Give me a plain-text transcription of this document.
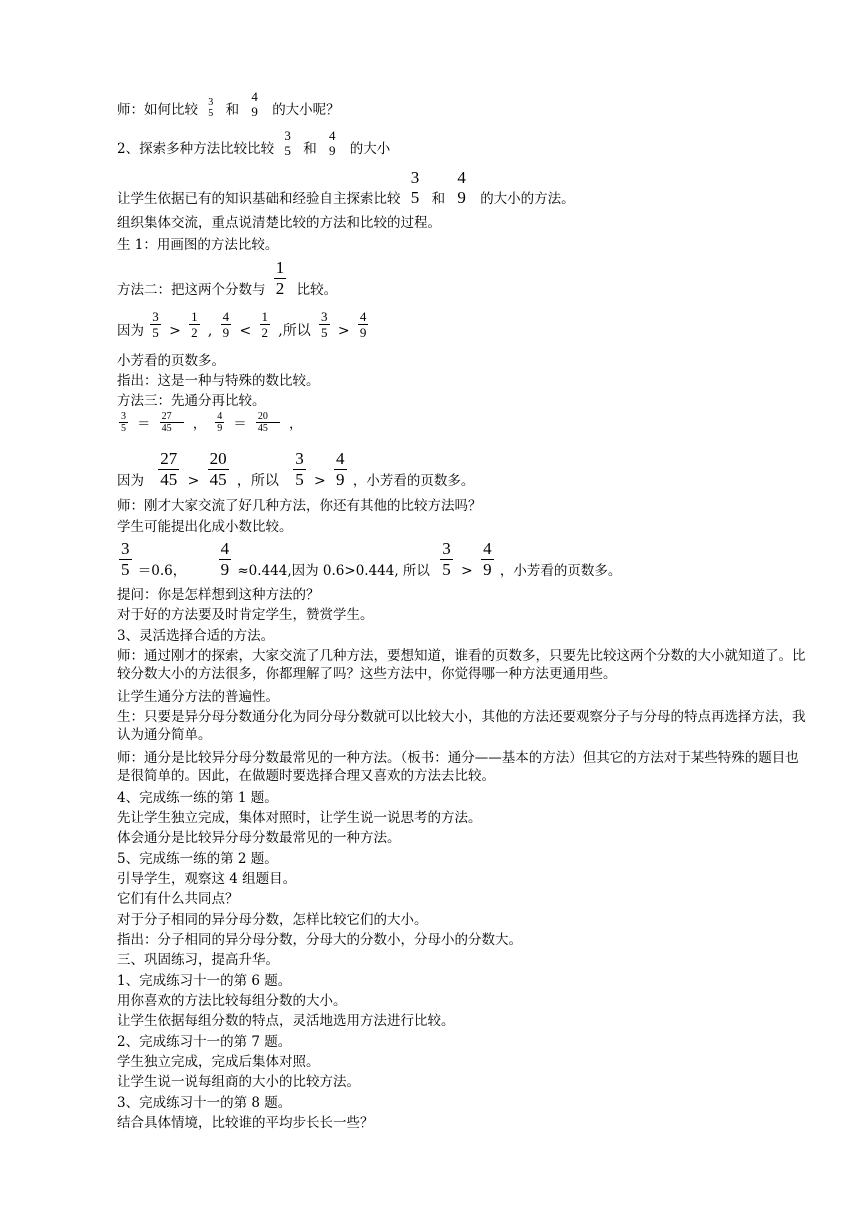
师：如何比较 3
5 和
4
9 的大小呢？
2、探索多种方法比较比较
3
5 和
4
9 的大小
让学生依据已有的知识基础和经验自主探索比较
3
5 和
4
9 的大小的方法。
组织集体交流，重点说清楚比较的方法和比较的过程。
生 1：用画图的方法比较。
方法二：把这两个分数与 $\frac{1}{2}$ 比较。
因为 $\frac{3}{5} > \frac{1}{2}$ , $\frac{4}{9} < \frac{1}{2}$ ,所以 $\frac{3}{5} > \frac{4}{9}$
小芳看的页数多。
指出：这是一种与特殊的数比较。
方法三：先通分再比较。
$\frac{3}{5} = \frac{27}{45}$ ， $\frac{4}{9} = \frac{20}{45}$ ，
因为 $\frac{27}{45} > \frac{20}{45}$ ，所以 $\frac{3}{5} > \frac{4}{9}$ ，小芳看的页数多。
师：刚才大家交流了好几种方法，你还有其他的比较方法吗？
学生可能提出化成小数比较。
$\frac{3}{5} =0.6$， $\frac{4}{9} \approx 0.444$,因为 0.6>0.444, 所以 $\frac{3}{5} > \frac{4}{9}$ ，小芳看的页数多。
提问：你是怎样想到这种方法的？
对于好的方法要及时肯定学生，赞赏学生。
3、灵活选择合适的方法。
师：通过刚才的探索，大家交流了几种方法，要想知道，谁看的页数多，只要先比较这两个分数的大小就知道了。比较分数大小的方法很多，你都理解了吗？这些方法中，你觉得哪一种方法更通用些。
让学生通分方法的普遍性。
生：只要是异分母分数通分化为同分母分数就可以比较大小，其他的方法还要观察分子与分母的特点再选择方法，我认为通分简单。
师：通分是比较异分母分数最常见的一种方法。（板书：通分——基本的方法）但其它的方法对于某些特殊的题目也是很简单的。因此，在做题时要选择合理又喜欢的方法去比较。
4、完成练一练的第 1 题。
先让学生独立完成，集体对照时，让学生说一说思考的方法。
体会通分是比较异分母分数最常见的一种方法。
5、完成练一练的第 2 题。
引导学生，观察这 4 组题目。
它们有什么共同点？
对于分子相同的异分母分数，怎样比较它们的大小。
指出：分子相同的异分母分数，分母大的分数小，分母小的分数大。
三、巩固练习，提高升华。
1、完成练习十一的第 6 题。
用你喜欢的方法比较每组分数的大小。
让学生依据每组分数的特点，灵活地选用方法进行比较。
2、完成练习十一的第 7 题。
学生独立完成，完成后集体对照。
让学生说一说每组商的大小的比较方法。
3、完成练习十一的第 8 题。
结合具体情境，比较谁的平均步长长一些？
